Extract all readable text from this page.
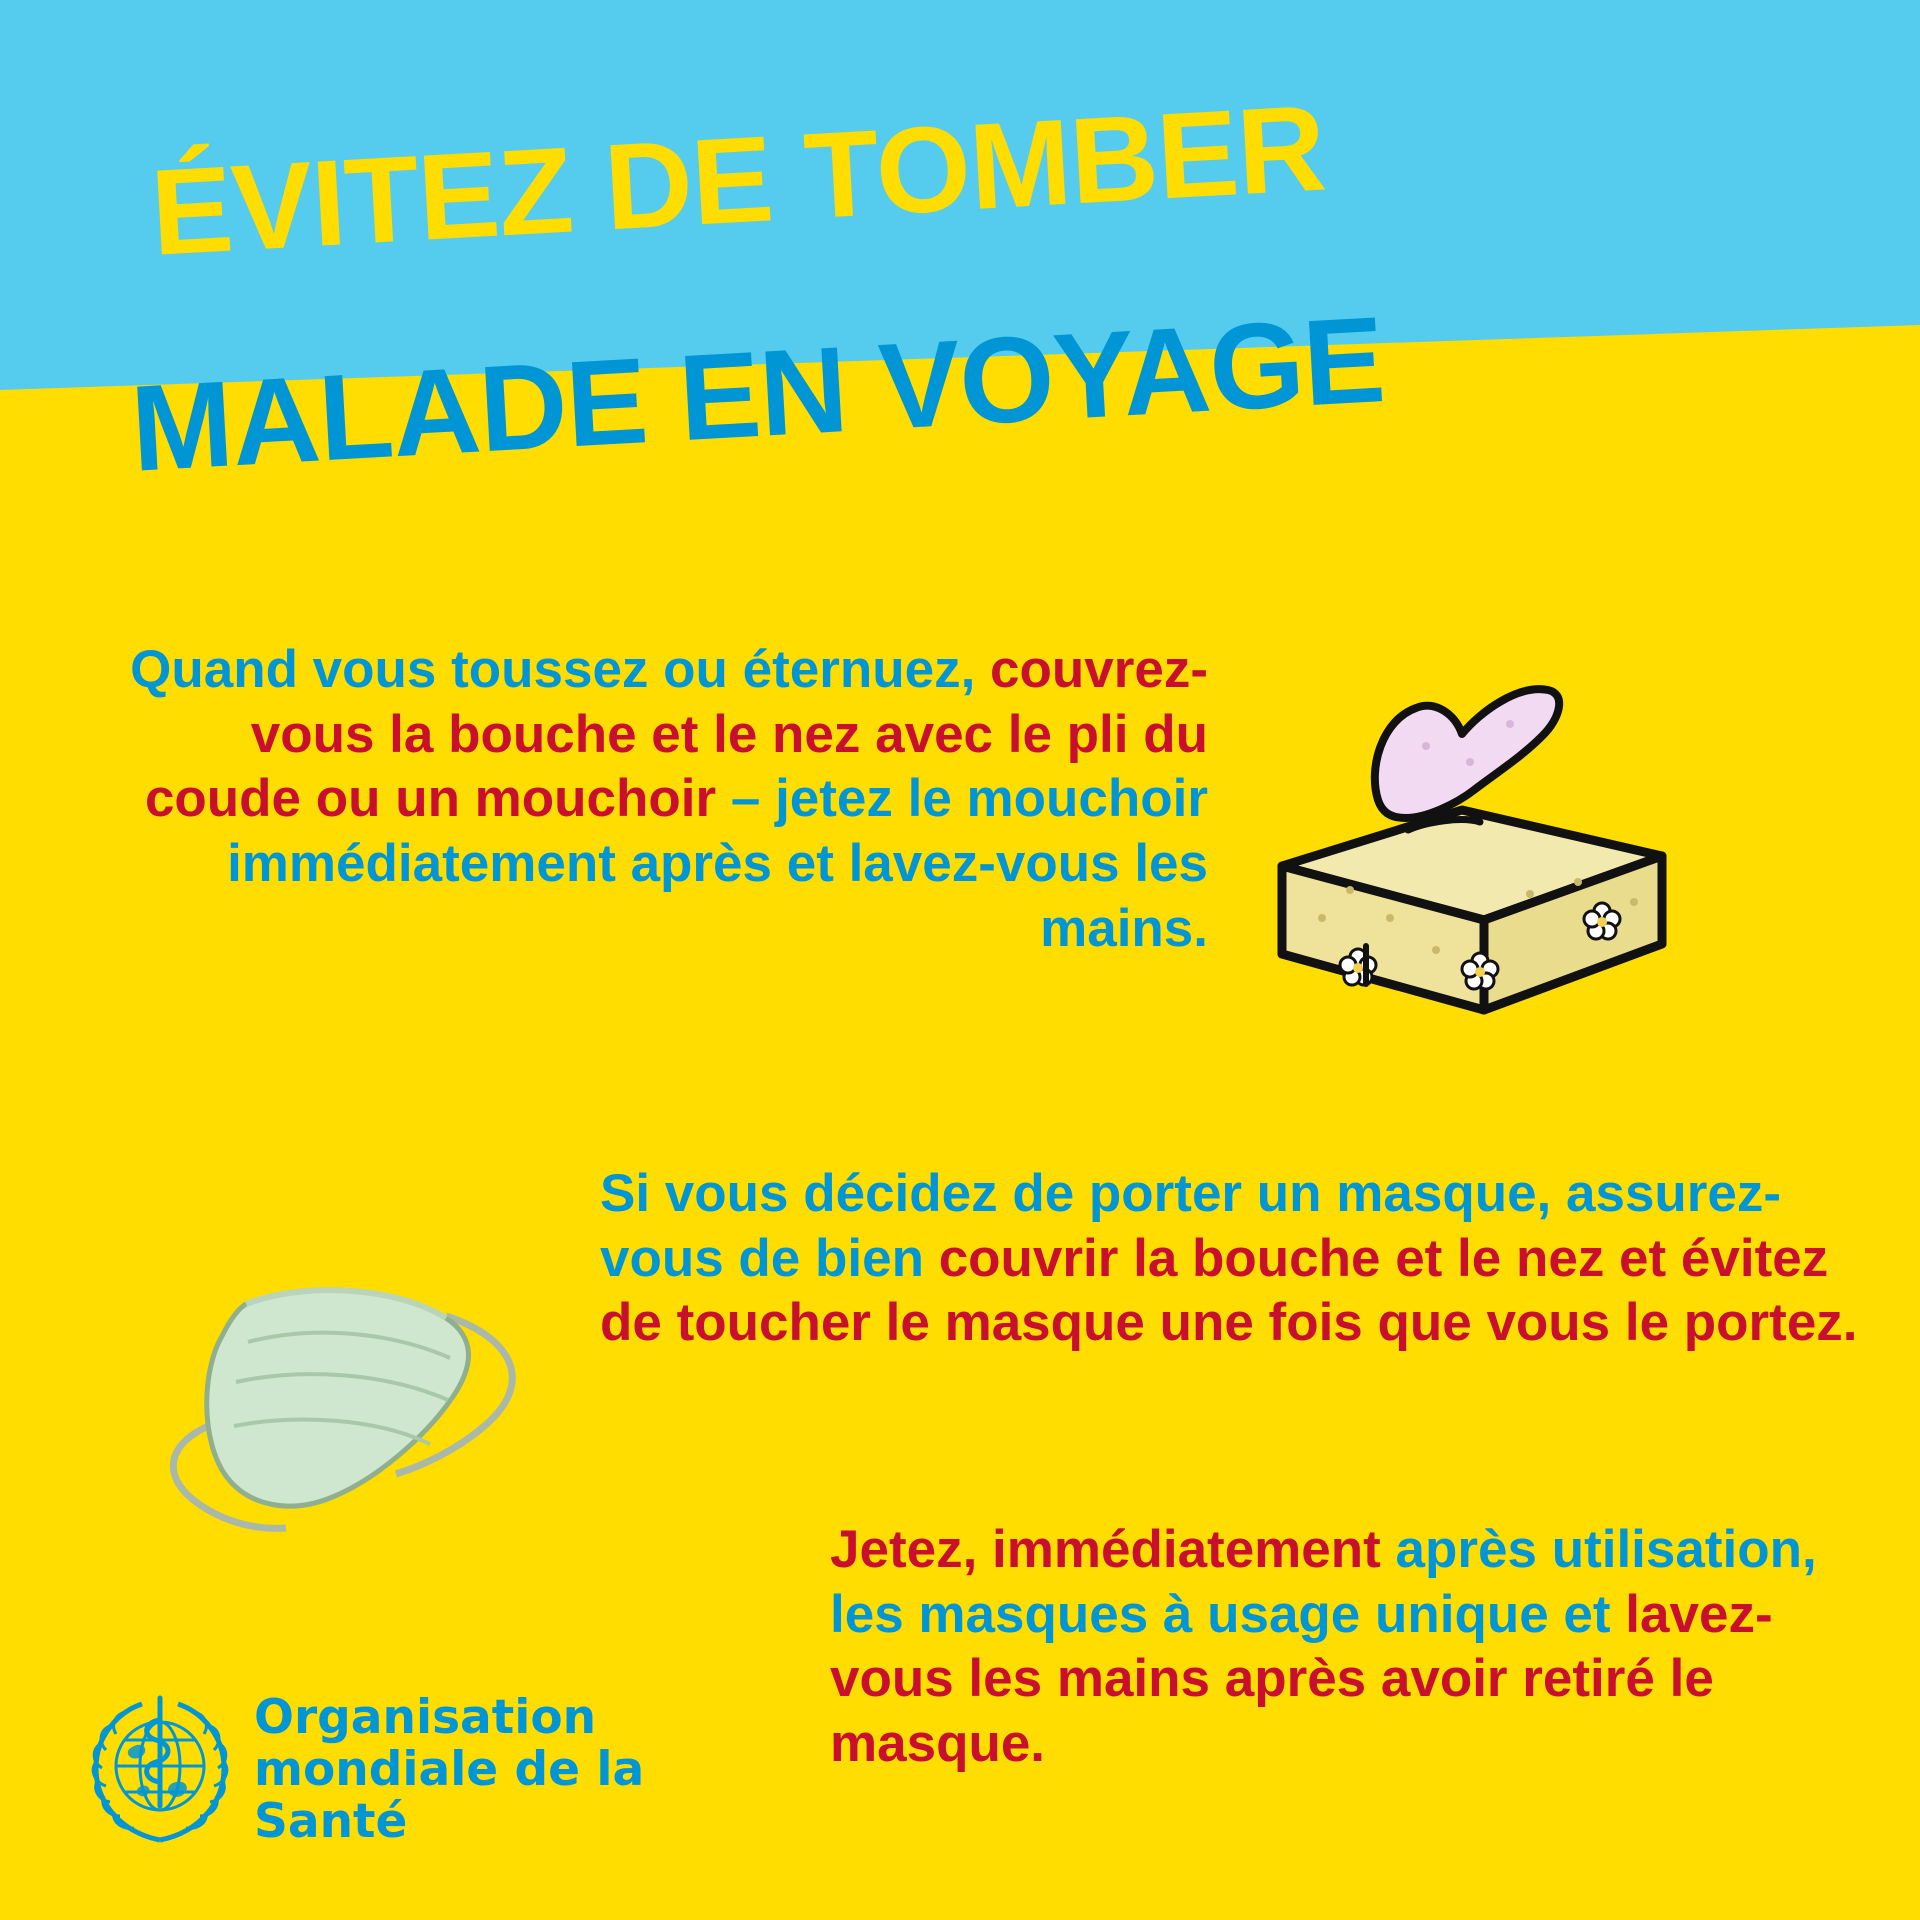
ÉVITEZ DE TOMBER
MALADE EN VOYAGE
Quand vous toussez ou éternuez, couvrez-vous la bouche et le nez avec le pli du coude ou un mouchoir – jetez le mouchoir immédiatement après et lavez-vous les mains.
Si vous décidez de porter un masque, assurez-vous de bien couvrir la bouche et le nez et évitez de toucher le masque une fois que vous le portez.
Jetez, immédiatement après utilisation, les masques à usage unique et lavez-vous les mains après avoir retiré le masque.
Organisation
mondiale de la Santé
